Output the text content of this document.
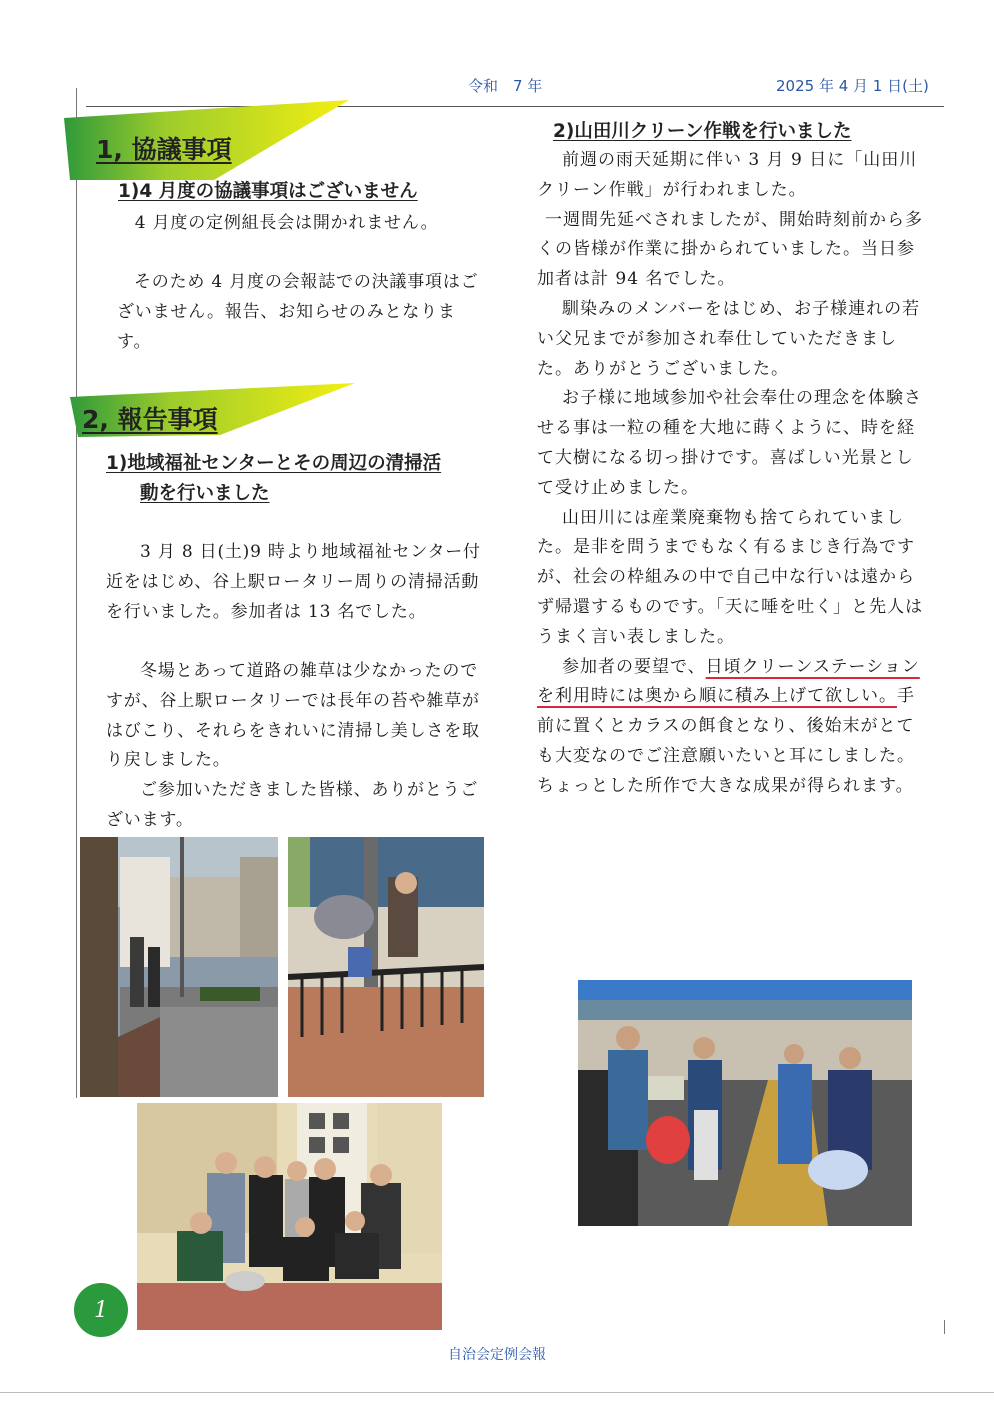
令和　7 年	2025 年 4 月 1 日(土)
1, 協議事項
1)4 月度の協議事項はございません

　4 月度の定例組長会は開かれません。

そのため 4 月度の会報誌での決議事項はございません。報告、お知らせのみとなります。

2, 報告事項
1)地域福祉センターとその周辺の清掃活
動を行いました

3 月 8 日(土)9 時より地域福祉センター付近をはじめ、谷上駅ロータリー周りの清掃活動を行いました。参加者は 13 名でした。

冬場とあって道路の雑草は少なかったのですが、谷上駅ロータリーでは長年の苔や雑草がはびこり、それらをきれいに清掃し美しさを取り戻しました。

ご参加いただきました皆様、ありがとうございます。

2)山田川クリーン作戦を行いました

前週の雨天延期に伴い 3 月 9 日に「山田川クリーン作戦」が行われました。

一週間先延べされましたが、開始時刻前から多くの皆様が作業に掛かられていました。当日参加者は計 94 名でした。

馴染みのメンバーをはじめ、お子様連れの若い父兄までが参加され奉仕していただきました。ありがとうございました。

お子様に地域参加や社会奉仕の理念を体験させる事は一粒の種を大地に蒔くように、時を経て大樹になる切っ掛けです。喜ばしい光景として受け止めました。

山田川には産業廃棄物も捨てられていました。是非を問うまでもなく有るまじき行為ですが、社会の枠組みの中で自己中な行いは遠からず帰還するものです。「天に唾を吐く」と先人はうまく言い表しました。

参加者の要望で、日頃クリーンステーションを利用時には奥から順に積み上げて欲しい。手前に置くとカラスの餌食となり、後始末がとても大変なのでご注意願いたいと耳にしました。ちょっとした所作で大きな成果が得られます。

1
自治会定例会報
